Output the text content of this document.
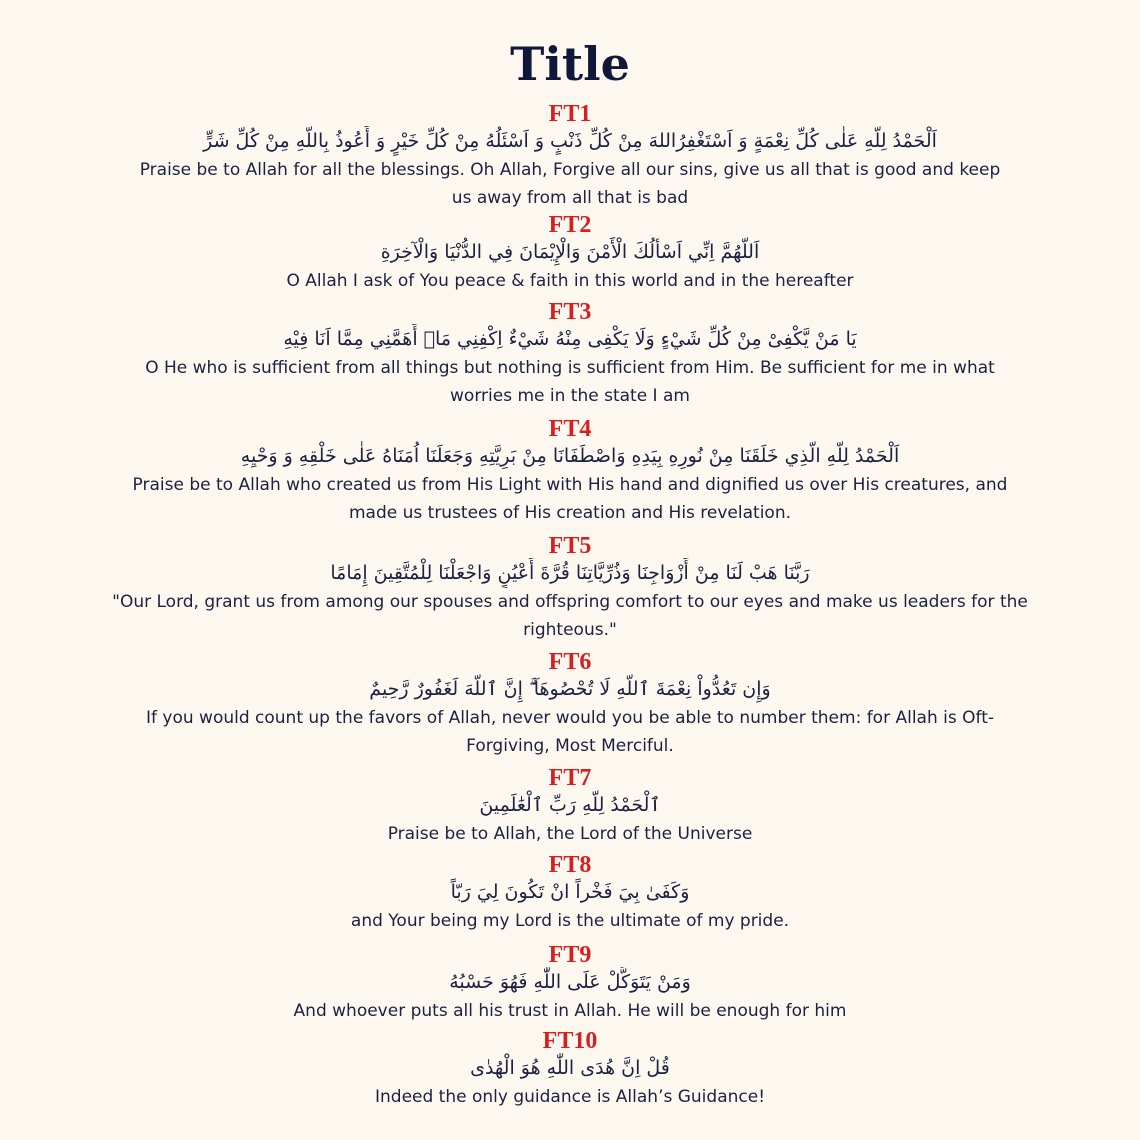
Title
FT1
اَلْحَمْدُ لِلَّهِ عَلٰى كُلِّ نِعْمَةٍ وَ اَسْتَغْفِرُاللهَ مِنْ كُلِّ ذَنْبٍ وَ اَسْئَلُهُ مِنْ كُلِّ خَيْرٍ وَ أَعُوذُ بِاللَّهِ مِنْ كُلِّ شَرٍّ
Praise be to Allah for all the blessings. Oh Allah, Forgive all our sins, give us all that is good and keep us away from all that is bad
FT2
اَللَّهُمَّ اِنِّي اَسْأَلُكَ الْأَمْنَ وَالْإِيْمَانَ فِي الدُّنْيَا وَالْآخِرَةِ
O Allah I ask of You peace & faith in this world and in the hereafter
FT3
يَا مَنْ يَّكْفِىْ مِنْ كُلِّ شَيْءٍ وَلَا يَكْفِى مِنْهُ شَيْءٌ اِكْفِنِي مَاۤ أَهَمَّنِي مِمَّا اَنَا فِيْهِ
O He who is sufficient from all things but nothing is sufficient from Him. Be sufficient for me in what worries me in the state I am
FT4
اَلْحَمْدُ لِلَّهِ الَّذِي خَلَقَنَا مِنْ نُورِهِ بِيَدِهِ وَاصْطَفَانَا مِنْ بَرِيَّتِهِ وَجَعَلَنَا اُمَنَاهُ عَلٰى خَلْقِهِ وَ وَحْيِهِ
Praise be to Allah who created us from His Light with His hand and dignified us over His creatures, and made us trustees of His creation and His revelation.
FT5
رَبَّنَا هَبْ لَنَا مِنْ أَزْوَاجِنَا وَذُرِّيَّاتِنَا قُرَّةَ أَعْيُنٍ وَاجْعَلْنَا لِلْمُتَّقِينَ إِمَامًا
"Our Lord, grant us from among our spouses and offspring comfort to our eyes and make us leaders for the righteous."
FT6
وَإِن تَعُدُّواْ نِعْمَةَ ٱللَّهِ لَا تُحْصُوهَآ ۗ إِنَّ ٱللَّهَ لَغَفُورٌ رَّحِيمٌ
If you would count up the favors of Allah, never would you be able to number them: for Allah is Oft-Forgiving, Most Merciful.
FT7
ٱلْحَمْدُ لِلَّهِ رَبِّ ٱلْعَٰلَمِينَ
Praise be to Allah, the Lord of the Universe
FT8
وَكَفَىٰ بِيَ فَخْراً انْ تَكُونَ لِيَ رَبّاً
and Your being my Lord is the ultimate of my pride.
FT9
وَمَنْ يَتَوَكَّلْ عَلَى اللّٰهِ فَهُوَ حَسْبُهُ
And whoever puts all his trust in Allah. He will be enough for him
FT10
قُلْ اِنَّ هُدَى اللّٰهِ هُوَ الْهُدٰى
Indeed the only guidance is Allah’s Guidance!
